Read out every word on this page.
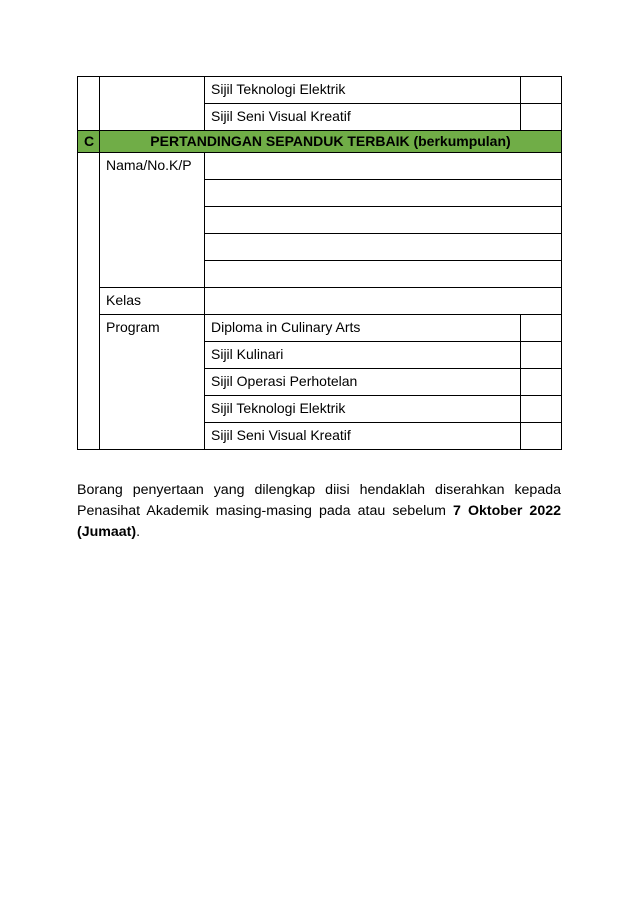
		Sijil Teknologi Elektrik	
		Sijil Seni Visual Kreatif	
C	PERTANDINGAN SEPANDUK TERBAIK (berkumpulan)		
	Nama/No.K/P		

	Kelas		
	Program	Diploma in Culinary Arts	
		Sijil Kulinari	
		Sijil Operasi Perhotelan	
		Sijil Teknologi Elektrik	
		Sijil Seni Visual Kreatif	
Borang penyertaan yang dilengkap diisi hendaklah diserahkan kepada Penasihat Akademik masing-masing pada atau sebelum 7 Oktober 2022 (Jumaat).
